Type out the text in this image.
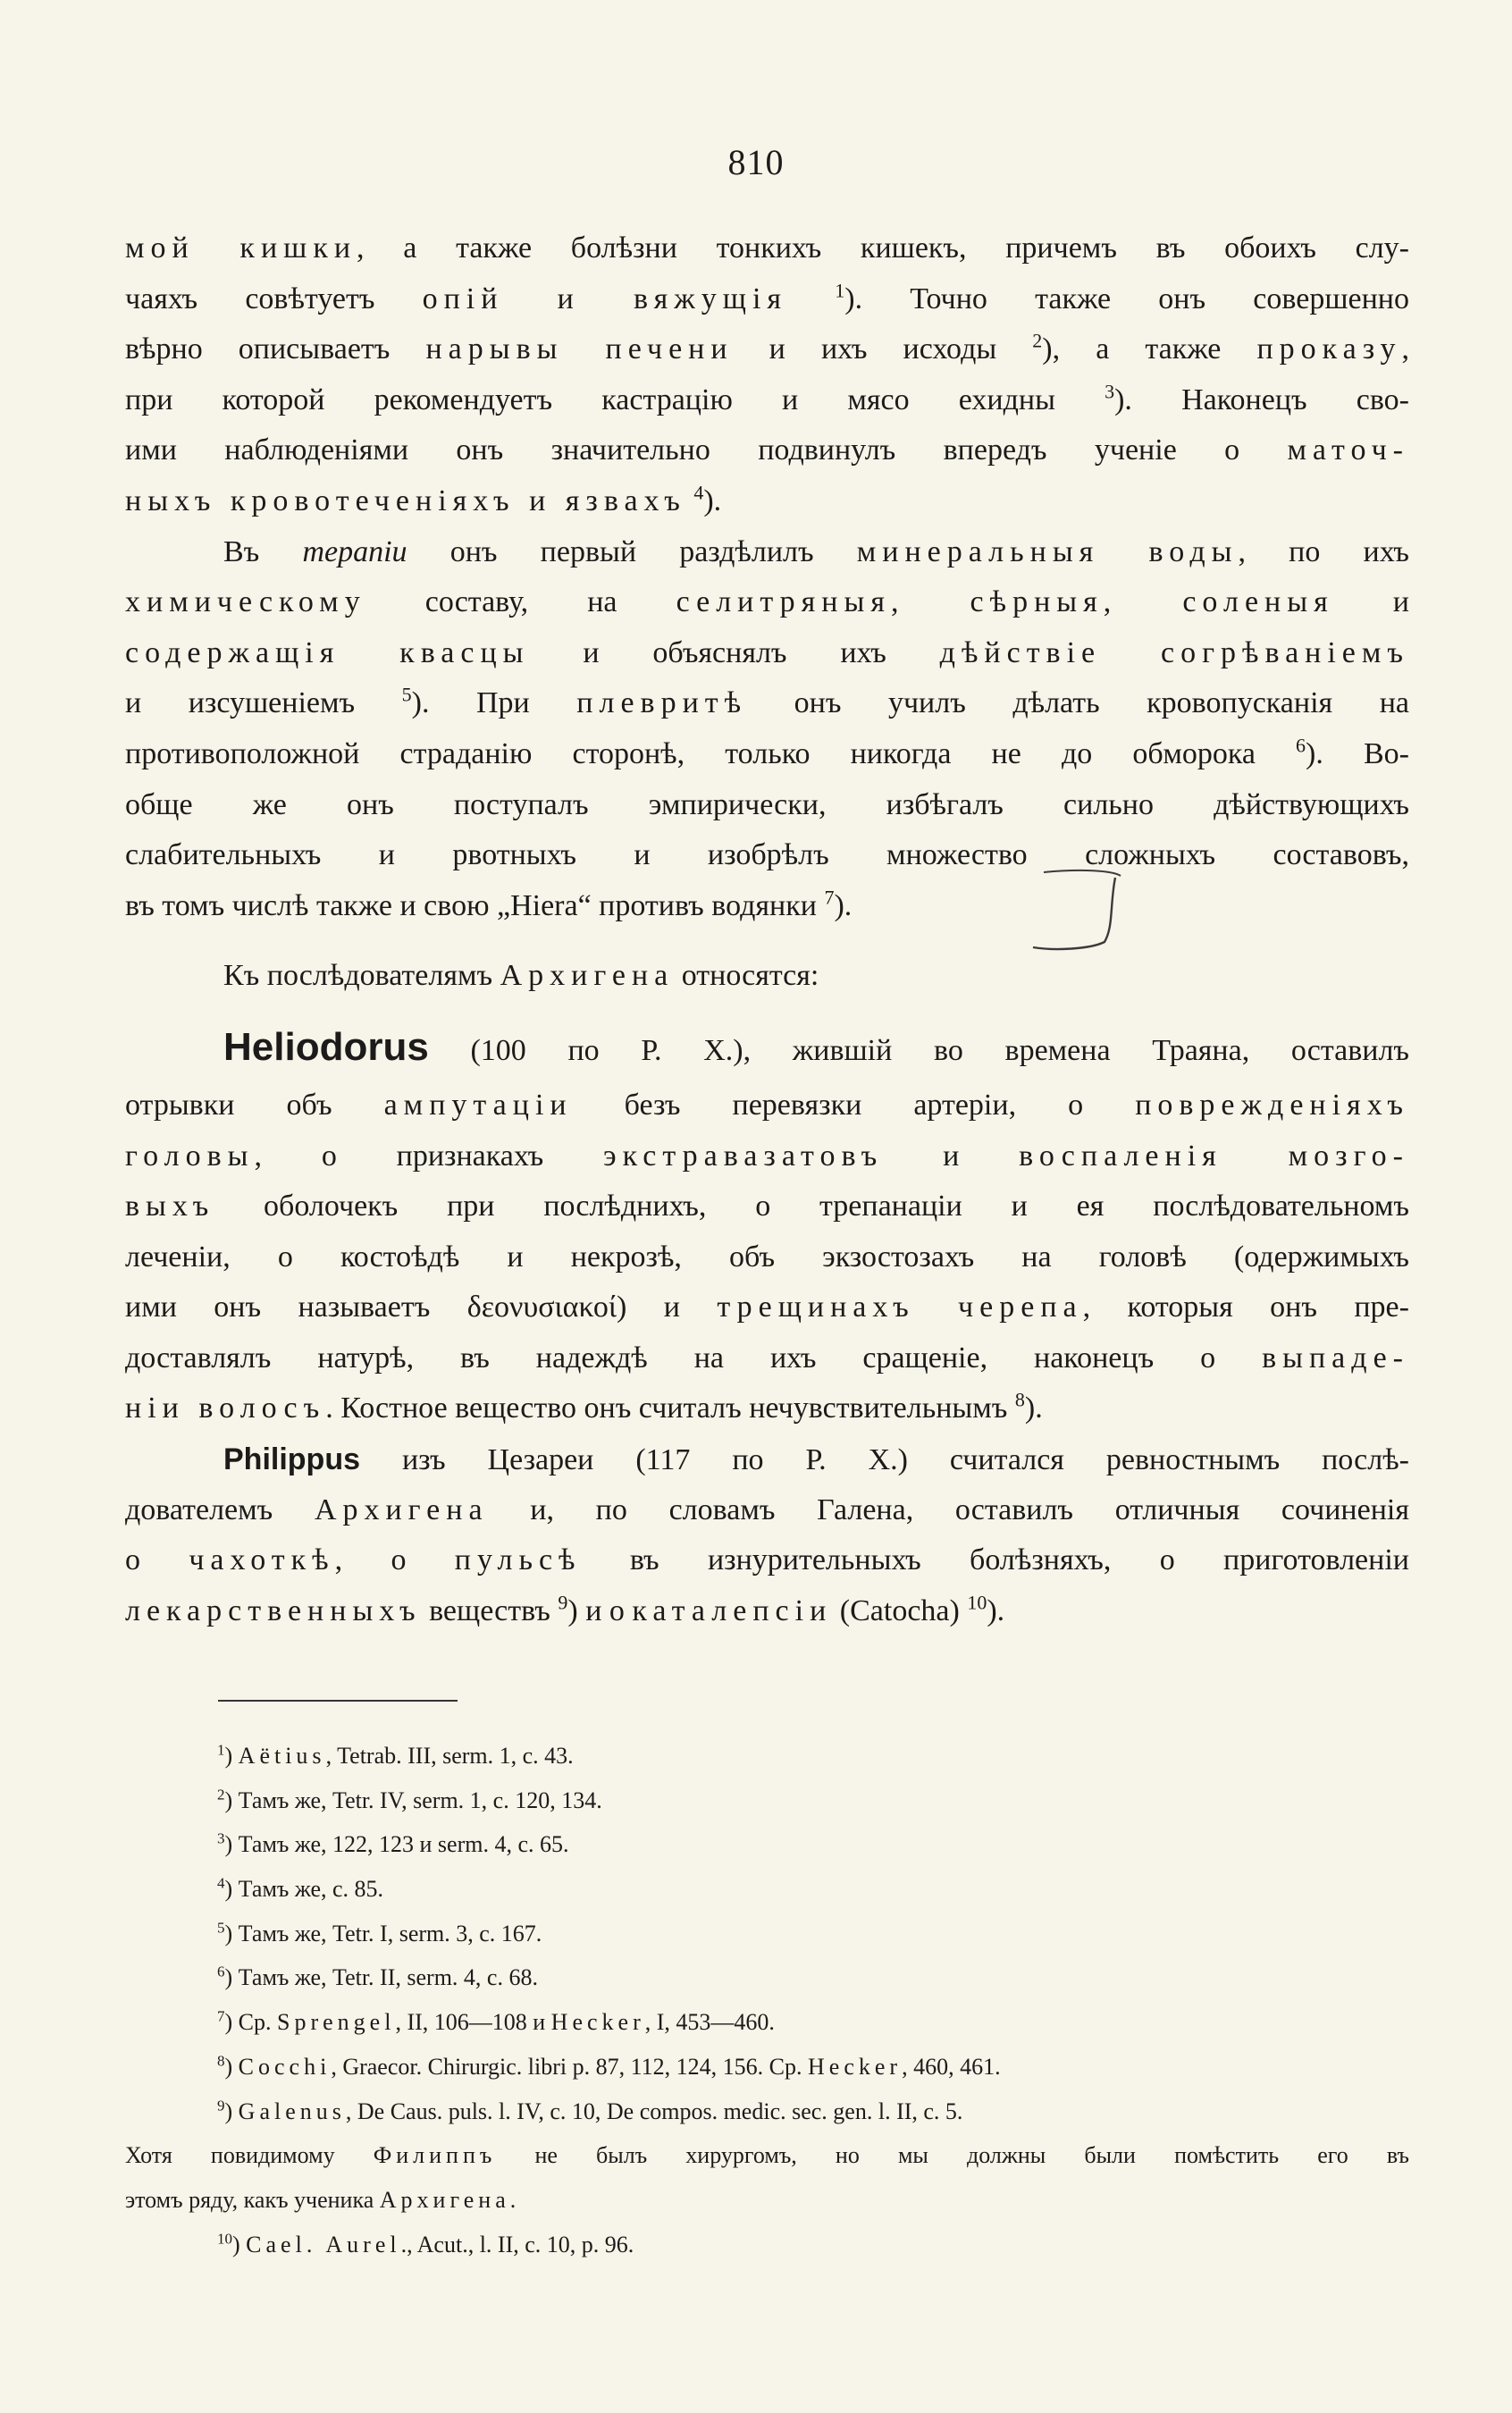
810
мой кишки, а также болѣзни тонкихъ кишекъ, причемъ въ обоихъ слу-
чаяхъ совѣтуетъ опій и вяжущія $^1$). Точно также онъ совершенно
вѣрно описываетъ нарывы печени и ихъ исходы $^2$), а также проказу,
при которой рекомендуетъ кастрацію и мясо ехидны $^3$). Наконецъ сво-
ими наблюденіями онъ значительно подвинулъ впередъ ученіе о маточ-
ныхъ кровотеченіяхъ и язвахъ $^4$).
Въ терапіи онъ первый раздѣлилъ минеральныя воды, по ихъ
химическому составу, на селитряныя, сѣрныя, соленыя и
содержащія квасцы и объяснялъ ихъ дѣйствіе согрѣваніемъ
и изсушеніемъ $^5$). При плевритѣ онъ училъ дѣлать кровопусканія на
противоположной страданію сторонѣ, только никогда не до обморока $^6$). Во-
обще же онъ поступалъ эмпирически, избѣгалъ сильно дѣйствующихъ
слабительныхъ и рвотныхъ и изобрѣлъ множество сложныхъ составовъ,
въ томъ числѣ также и свою „Hiera“ противъ водянки $^7$).
Къ послѣдователямъ Архигена относятся:
Heliodorus (100 по Р. Х.), жившій во времена Траяна, оставилъ
отрывки объ ампутаціи безъ перевязки артеріи, о поврежденіяхъ
головы, о признакахъ экстравазатовъ и воспаленія мозго-
выхъ оболочекъ при послѣднихъ, о трепанаціи и ея послѣдовательномъ
леченіи, о костоѣдѣ и некрозѣ, объ экзостозахъ на головѣ (одержимыхъ
ими онъ называетъ δεονυσιακοί) и трещинахъ черепа, которыя онъ пре-
доставлялъ натурѣ, въ надеждѣ на ихъ сращеніе, наконецъ о выпаде-
ніи волосъ. Костное вещество онъ считалъ нечувствительнымъ $^8$).
Philippus изъ Цезареи (117 по Р. Х.) считался ревностнымъ послѣ-
дователемъ Архигена и, по словамъ Галена, оставилъ отличныя сочиненія
о чахоткѣ, о пульсѣ въ изнурительныхъ болѣзняхъ, о приготовленіи
лекарственныхъ веществъ $^9$) и о каталепсіи (Catocha) $^{10}$).
$^1$) Aëtius, Tetrab. III, serm. 1, c. 43.
$^2$) Тамъ же, Tetr. IV, serm. 1, c. 120, 134.
$^3$) Тамъ же, 122, 123 и serm. 4, c. 65.
$^4$) Тамъ же, c. 85.
$^5$) Тамъ же, Tetr. I, serm. 3, c. 167.
$^6$) Тамъ же, Tetr. II, serm. 4, c. 68.
$^7$) Cp. Sprengel, II, 106—108 и Hecker, I, 453—460.
$^8$) Cocchi, Graecor. Chirurgic. libri p. 87, 112, 124, 156. Cp. Hecker, 460, 461.
$^9$) Galenus, De Caus. puls. l. IV, c. 10, De compos. medic. sec. gen. l. II, c. 5.
Хотя повидимому Филиппъ не былъ хирургомъ, но мы должны были помѣстить его въ
этомъ ряду, какъ ученика Архигена.
$^{10}$) Cael. Aurel., Acut., l. II, c. 10, p. 96.
